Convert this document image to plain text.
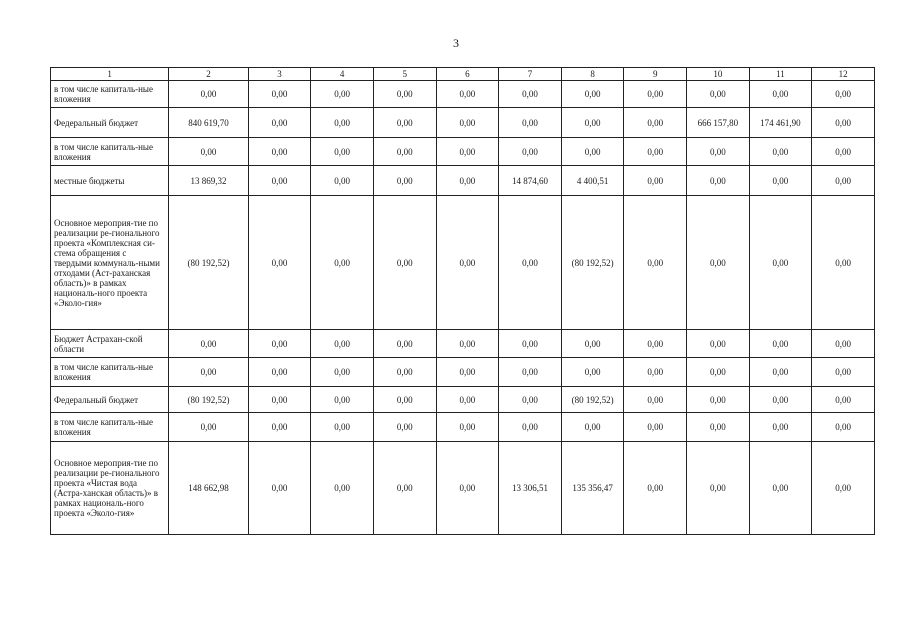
3
1	2	3	4	5	6	7	8	9	10	11	12
в том числе капиталь-ные вложения	0,00	0,00	0,00	0,00	0,00	0,00	0,00	0,00	0,00	0,00	0,00
Федеральный бюджет	840 619,70	0,00	0,00	0,00	0,00	0,00	0,00	0,00	666 157,80	174 461,90	0,00
в том числе капиталь-ные вложения	0,00	0,00	0,00	0,00	0,00	0,00	0,00	0,00	0,00	0,00	0,00
местные бюджеты	13 869,32	0,00	0,00	0,00	0,00	14 874,60	4 400,51	0,00	0,00	0,00	0,00
Основное мероприя-тие по реализации ре-гионального проекта «Комплексная си-стема обращения с твердыми коммуналь-ными отходами (Аст-раханская область)» в рамках националь-ного проекта «Эколо-гия»	(80 192,52)	0,00	0,00	0,00	0,00	0,00	(80 192,52)	0,00	0,00	0,00	0,00
Бюджет Астрахан-ской области	0,00	0,00	0,00	0,00	0,00	0,00	0,00	0,00	0,00	0,00	0,00
в том числе капиталь-ные вложения	0,00	0,00	0,00	0,00	0,00	0,00	0,00	0,00	0,00	0,00	0,00
Федеральный бюджет	(80 192,52)	0,00	0,00	0,00	0,00	0,00	(80 192,52)	0,00	0,00	0,00	0,00
в том числе капиталь-ные вложения	0,00	0,00	0,00	0,00	0,00	0,00	0,00	0,00	0,00	0,00	0,00
Основное мероприя-тие по реализации ре-гионального проекта «Чистая вода (Астра-ханская область)» в рамках националь-ного проекта «Эколо-гия»	148 662,98	0,00	0,00	0,00	0,00	13 306,51	135 356,47	0,00	0,00	0,00	0,00
